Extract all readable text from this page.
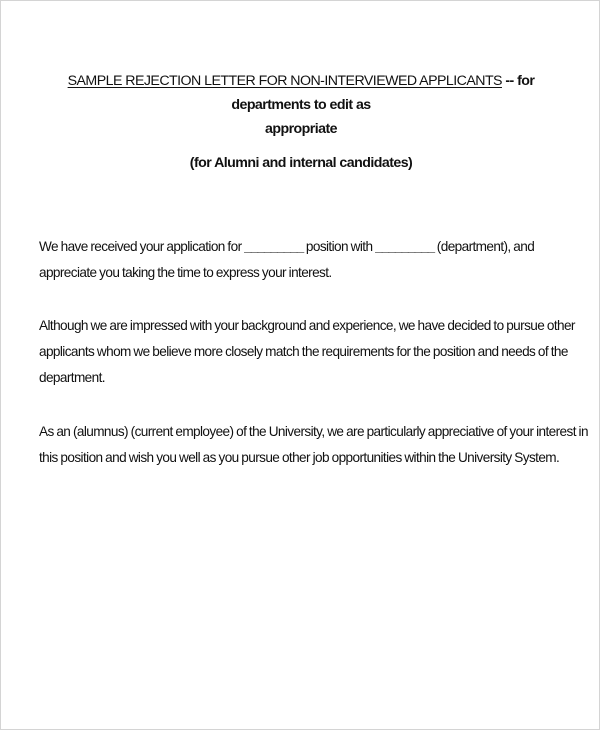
SAMPLE REJECTION LETTER FOR NON-INTERVIEWED APPLICANTS -- for departments to edit as
appropriate
(for Alumni and internal candidates)
We have received your application for _________ position with _________ (department), and
appreciate you taking the time to express your interest.
Although we are impressed with your background and experience, we have decided to pursue other
applicants whom we believe more closely match the requirements for the position and needs of the
department.
As an (alumnus) (current employee) of the University, we are particularly appreciative of your interest in
this position and wish you well as you pursue other job opportunities within the University System.
